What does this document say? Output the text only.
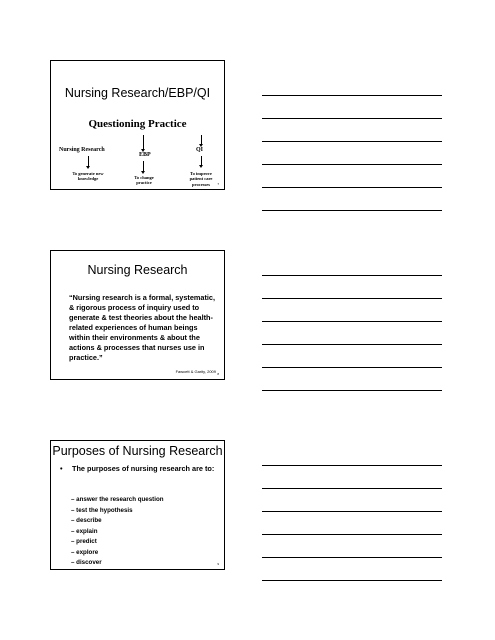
Nursing Research/EBP/QI
Questioning Practice
Nursing Research
EBP
QI
To generate new
knowledge	To change
practice
To improve
patient care
processes	7
Nursing Research
“Nursing research is a formal, systematic, & rigorous process of inquiry used to generate & test theories about the health-related experiences of human beings within their environments & about the actions & processes that nurses use in practice.”
Fawcett & Garity, 2009 8
Purposes of Nursing Research
• The purposes of nursing research are to:
– answer the research question
– test the hypothesis
– describe
– explain
– predict
– explore
– discover	9
